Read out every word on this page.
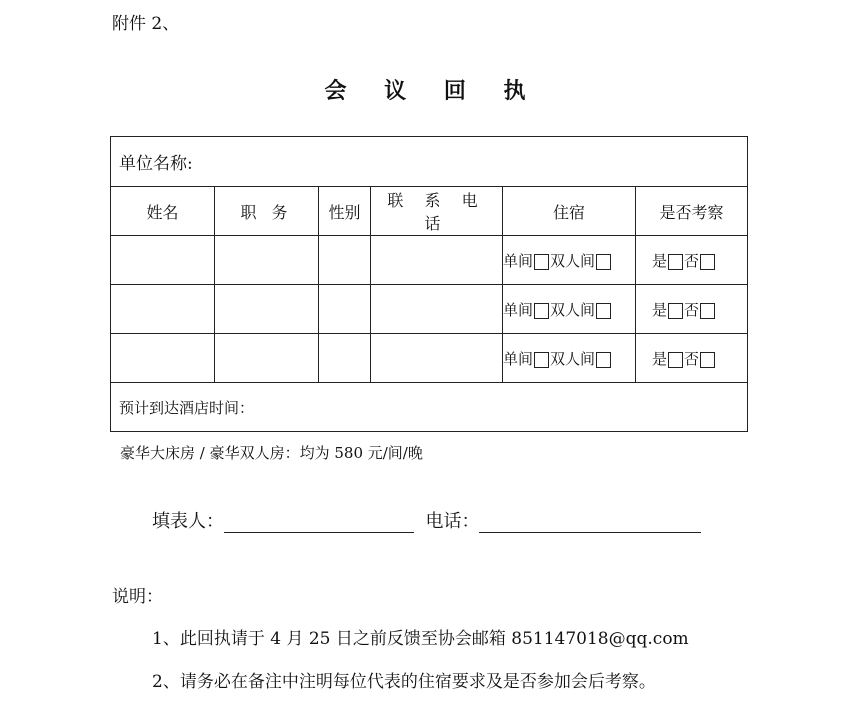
附件 2、
会 议 回 执
单位名称:					
姓名	职 务	性别	联 系 电 话	住宿	是否考察
				单间 双人间	是 否
				单间 双人间	是 否
				单间 双人间	是 否
预计到达酒店时间：					
豪华大床房 / 豪华双人房：均为 580 元/间/晚
填表人：	电话：
说明：
1、此回执请于 4 月 25 日之前反馈至协会邮箱 851147018@qq.com
2、请务必在备注中注明每位代表的住宿要求及是否参加会后考察。
